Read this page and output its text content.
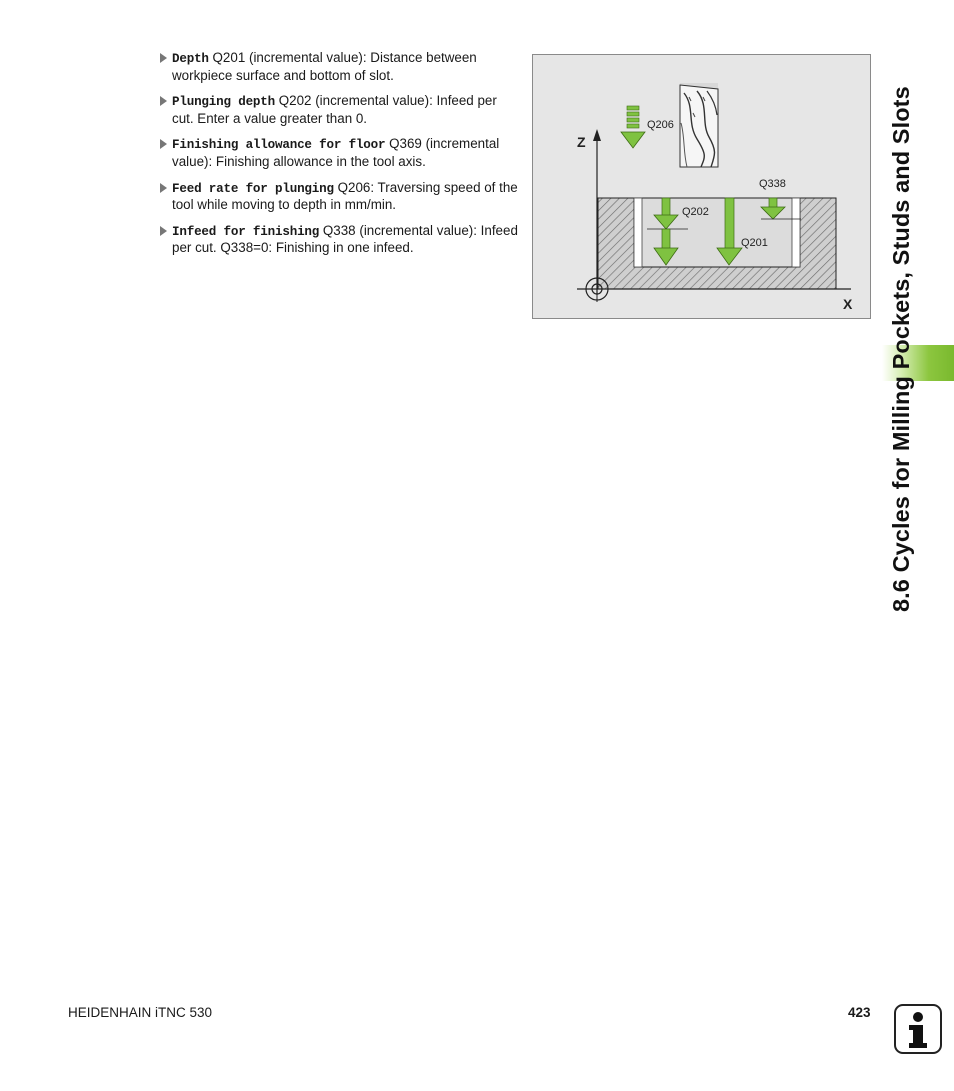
Depth Q201 (incremental value): Distance between workpiece surface and bottom of slot.
Plunging depth Q202 (incremental value): Infeed per cut. Enter a value greater than 0.
Finishing allowance for floor Q369 (incremental value): Finishing allowance in the tool axis.
Feed rate for plunging Q206: Traversing speed of the tool while moving to depth in mm/min.
Infeed for finishing Q338 (incremental value): Infeed per cut. Q338=0: Finishing in one infeed.
Z
X
Q206
Q338
Q202
Q201	8.6 Cycles for Milling Pockets, Studs and Slots
HEIDENHAIN iTNC 530	423
